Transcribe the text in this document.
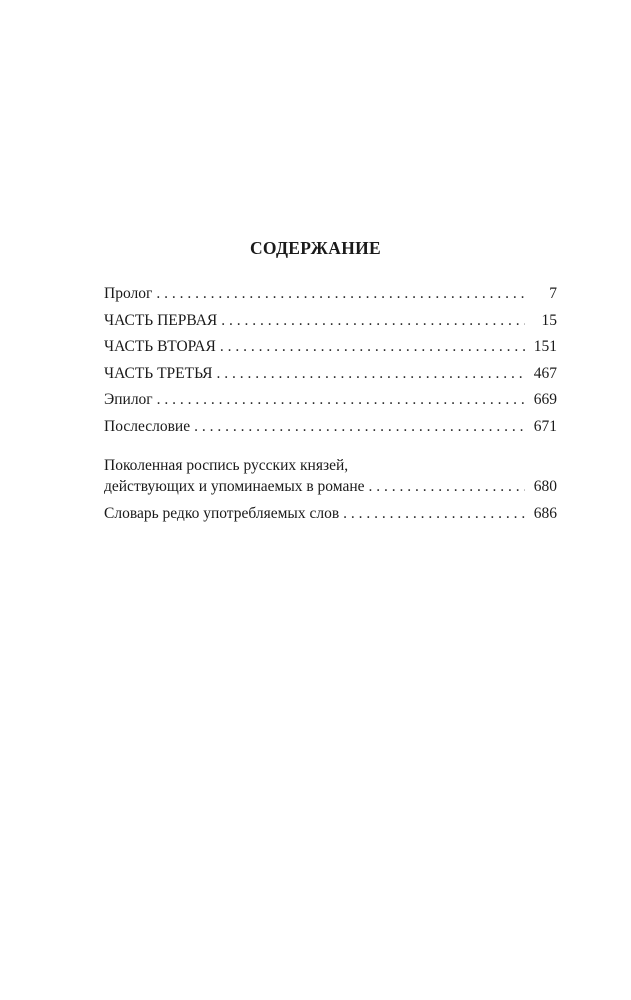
СОДЕРЖАНИЕ
Пролог . . .	7
ЧАСТЬ ПЕРВАЯ . . .	15
ЧАСТЬ ВТОРАЯ . . .	151
ЧАСТЬ ТРЕТЬЯ . . .	467
Эпилог . . .	669
Послесловие . . .	671
Поколенная роспись русских князей,
действующих и упоминаемых в романе . . .	680
Словарь редко употребляемых слов . . .	686
